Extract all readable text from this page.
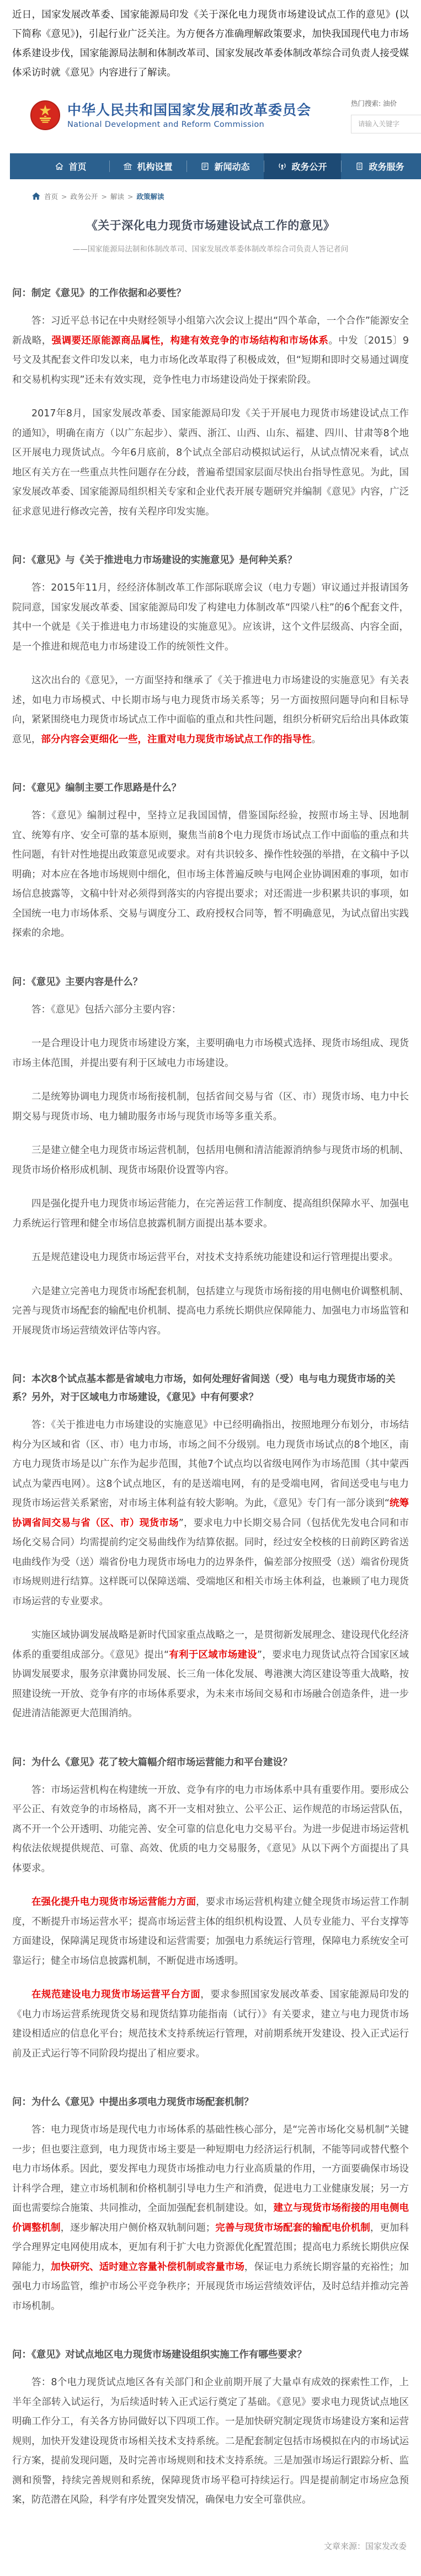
近日，国家发展改革委、国家能源局印发《关于深化电力现货市场建设试点工作的意见》(以下简称《意见》)，引起行业广泛关注。为方便各方准确理解政策要求，加快我国现代电力市场体系建设步伐，国家能源局法制和体制改革司、国家发展改革委体制改革综合司负责人接受媒体采访时就《意见》内容进行了解读。
中华人民共和国国家发展和改革委员会
National Development and Reform Commission
热门搜索: 油价
请输入关键字
首页	机构设置	新闻动态	政务公开	政务服务
首页 > 政务公开 > 解读 > 政策解读
《关于深化电力现货市场建设试点工作的意见》
——国家能源局法制和体制改革司、国家发展改革委体制改革综合司负责人答记者问
问：制定《意见》的工作依据和必要性？
答：习近平总书记在中央财经领导小组第六次会议上提出“四个革命，一个合作”能源安全新战略，强调要还原能源商品属性，构建有效竞争的市场结构和市场体系。中发〔2015〕9号文及其配套文件印发以来，电力市场化改革取得了积极成效，但“短期和即时交易通过调度和交易机构实现”还未有效实现，竞争性电力市场建设尚处于探索阶段。
2017年8月，国家发展改革委、国家能源局印发《关于开展电力现货市场建设试点工作的通知》，明确在南方（以广东起步）、蒙西、浙江、山西、山东、福建、四川、甘肃等8个地区开展电力现货试点。今年6月底前，8个试点全部启动模拟试运行，从试点情况来看，试点地区有关方在一些重点共性问题存在分歧，普遍希望国家层面尽快出台指导性意见。为此，国家发展改革委、国家能源局组织相关专家和企业代表开展专题研究并编制《意见》内容，广泛征求意见进行修改完善，按有关程序印发实施。
问：《意见》与《关于推进电力市场建设的实施意见》是何种关系？
答：2015年11月，经经济体制改革工作部际联席会议（电力专题）审议通过并报请国务院同意，国家发展改革委、国家能源局印发了构建电力体制改革“四梁八柱”的6个配套文件，其中一个就是《关于推进电力市场建设的实施意见》。应该讲，这个文件层级高、内容全面，是一个推进和规范电力市场建设工作的统领性文件。
这次出台的《意见》，一方面坚持和继承了《关于推进电力市场建设的实施意见》有关表述，如电力市场模式、中长期市场与电力现货市场关系等；另一方面按照问题导向和目标导向，紧紧围绕电力现货市场试点工作中面临的重点和共性问题，组织分析研究后给出具体政策意见，部分内容会更细化一些，注重对电力现货市场试点工作的指导性。
问：《意见》编制主要工作思路是什么？
答：《意见》编制过程中，坚持立足我国国情，借鉴国际经验，按照市场主导、因地制宜、统筹有序、安全可靠的基本原则，聚焦当前8个电力现货市场试点工作中面临的重点和共性问题，有针对性地提出政策意见或要求。对有共识较多、操作性较强的举措，在文稿中予以明确；对本应在各地市场规则中细化，但市场主体普遍反映与电网企业协调困难的事项，如市场信息披露等，文稿中针对必须得到落实的内容提出要求；对还需进一步积累共识的事项，如全国统一电力市场体系、交易与调度分工、政府授权合同等，暂不明确意见，为试点留出实践探索的余地。
问：《意见》主要内容是什么？
答：《意见》包括六部分主要内容：
一是合理设计电力现货市场建设方案，主要明确电力市场模式选择、现货市场组成、现货市场主体范围，并提出要有利于区域电力市场建设。
二是统筹协调电力现货市场衔接机制，包括省间交易与省（区、市）现货市场、电力中长期交易与现货市场、电力辅助服务市场与现货市场等多重关系。
三是建立健全电力现货市场运营机制，包括用电侧和清洁能源消纳参与现货市场的机制、现货市场价格形成机制、现货市场限价设置等内容。
四是强化提升电力现货市场运营能力，在完善运营工作制度、提高组织保障水平、加强电力系统运行管理和健全市场信息披露机制方面提出基本要求。
五是规范建设电力现货市场运营平台，对技术支持系统功能建设和运行管理提出要求。
六是建立完善电力现货市场配套机制，包括建立与现货市场衔接的用电侧电价调整机制、完善与现货市场配套的输配电价机制、提高电力系统长期供应保障能力、加强电力市场监管和开展现货市场运营绩效评估等内容。
问：本次8个试点基本都是省域电力市场，如何处理好省间送（受）电与电力现货市场的关系？另外，对于区域电力市场建设，《意见》中有何要求？
答：《关于推进电力市场建设的实施意见》中已经明确指出，按照地理分布划分，市场结构分为区域和省（区、市）电力市场，市场之间不分级别。电力现货市场试点的8个地区，南方电力现货市场是以广东作为起步范围，其他7个试点均以省级电网作为市场范围（其中蒙西试点为蒙西电网）。这8个试点地区，有的是送端电网，有的是受端电网，省间送受电与电力现货市场运营关系紧密，对市场主体利益有较大影响。为此，《意见》专门有一部分谈到“统筹协调省间交易与省（区、市）现货市场”，要求电力中长期交易合同（包括优先发电合同和市场化交易合同）均需提前约定交易曲线作为结算依据。同时，经过安全校核的日前跨区跨省送电曲线作为受（送）端省份电力现货市场电力的边界条件，偏差部分按照受（送）端省份现货市场规则进行结算。这样既可以保障送端、受端地区和相关市场主体利益，也兼顾了电力现货市场运营的专业要求。
实施区域协调发展战略是新时代国家重点战略之一，是贯彻新发展理念、建设现代化经济体系的重要组成部分。《意见》提出“有利于区域市场建设”，要求电力现货试点符合国家区域协调发展要求，服务京津冀协同发展、长三角一体化发展、粤港澳大湾区建设等重大战略，按照建设统一开放、竞争有序的市场体系要求，为未来市场间交易和市场融合创造条件，进一步促进清洁能源更大范围消纳。
问：为什么《意见》花了较大篇幅介绍市场运营能力和平台建设？
答：市场运营机构在构建统一开放、竞争有序的电力市场体系中具有重要作用。要形成公平公正、有效竞争的市场格局，离不开一支相对独立、公平公正、运作规范的市场运营队伍，离不开一个公开透明、功能完善、安全可靠的信息化电力交易平台。为进一步促进市场运营机构依法依规提供规范、可靠、高效、优质的电力交易服务，《意见》从以下两个方面提出了具体要求。
在强化提升电力现货市场运营能力方面，要求市场运营机构建立健全现货市场运营工作制度，不断提升市场运营水平；提高市场运营主体的组织机构设置、人员专业能力、平台支撑等方面建设，保障满足现货市场建设和运营需要；加强电力系统运行管理，保障电力系统安全可靠运行；健全市场信息披露机制，不断促进市场透明。
在规范建设电力现货市场运营平台方面，要求参照国家发展改革委、国家能源局印发的《电力市场运营系统现货交易和现货结算功能指南（试行）》有关要求，建立与电力现货市场建设相适应的信息化平台；规范技术支持系统运行管理，对前期系统开发建设、投入正式运行前及正式运行等不同阶段均提出了相应要求。
问：为什么《意见》中提出多项电力现货市场配套机制？
答：电力现货市场是现代电力市场体系的基础性核心部分，是“完善市场化交易机制”关键一步；但也要注意到，电力现货市场主要是一种短期电力经济运行机制，不能等同或替代整个电力市场体系。因此，要发挥电力现货市场推动电力行业高质量的作用，一方面要确保市场设计科学合理，建立市场机制和价格机制引导电力生产和消费，促进电力工业健康发展；另一方面也需要综合施策、共同推动，全面加强配套机制建设。如，建立与现货市场衔接的用电侧电价调整机制，逐步解决用户侧价格双轨制问题；完善与现货市场配套的输配电价机制，更加科学合理界定电网使用成本，更加有利于扩大电力资源优化配置范围；提高电力系统长期供应保障能力，加快研究、适时建立容量补偿机制或容量市场，保证电力系统长期容量的充裕性；加强电力市场监管，维护市场公平竞争秩序；开展现货市场运营绩效评估，及时总结并推动完善市场机制。
问：《意见》对试点地区电力现货市场建设组织实施工作有哪些要求？
答：8个电力现货试点地区各有关部门和企业前期开展了大量卓有成效的探索性工作，上半年全部转入试运行，为后续适时转入正式运行奠定了基础。《意见》要求电力现货试点地区明确工作分工，有关各方协同做好以下四项工作。一是加快研究制定现货市场建设方案和运营规则，加快开发建设现货市场相关技术支持系统。二是配套制定包括市场模拟在内的市场试运行方案，提前发现问题，及时完善市场规则和技术支持系统。三是加强市场运行跟踪分析、监测和预警，持续完善规则和系统，保障现货市场平稳可持续运行。四是提前制定市场应急预案，防范潜在风险，科学有序处置突发情况，确保电力安全可靠供应。
文章来源：国家发改委
